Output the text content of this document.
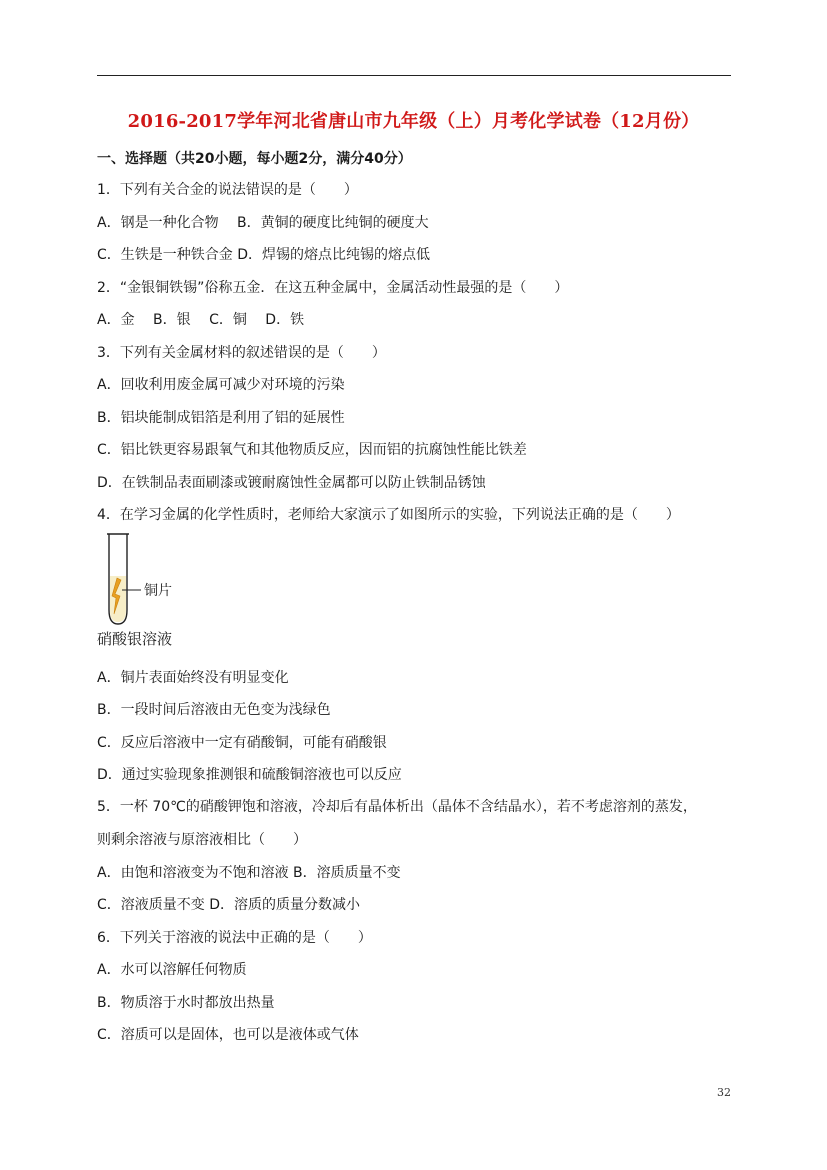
2016-2017学年河北省唐山市九年级（上）月考化学试卷（12月份）
一、选择题（共20小题，每小题2分，满分40分）
1．下列有关合金的说法错误的是（　　）
A．钢是一种化合物　 B．黄铜的硬度比纯铜的硬度大
C．生铁是一种铁合金 D．焊锡的熔点比纯锡的熔点低
2．“金银铜铁锡”俗称五金．在这五种金属中，金属活动性最强的是（　　）
A．金　 B．银　 C．铜　 D．铁
3．下列有关金属材料的叙述错误的是（　　）
A．回收利用废金属可减少对环境的污染
B．铝块能制成铝箔是利用了铝的延展性
C．铝比铁更容易跟氧气和其他物质反应，因而铝的抗腐蚀性能比铁差
D．在铁制品表面刷漆或镀耐腐蚀性金属都可以防止铁制品锈蚀
4．在学习金属的化学性质时，老师给大家演示了如图所示的实验，下列说法正确的是（　　）
铜片
硝酸银溶液
A．铜片表面始终没有明显变化
B．一段时间后溶液由无色变为浅绿色
C．反应后溶液中一定有硝酸铜，可能有硝酸银
D．通过实验现象推测银和硫酸铜溶液也可以反应
5．一杯 70℃的硝酸钾饱和溶液，冷却后有晶体析出（晶体不含结晶水），若不考虑溶剂的蒸发，
则剩余溶液与原溶液相比（　　）
A．由饱和溶液变为不饱和溶液 B．溶质质量不变
C．溶液质量不变 D．溶质的质量分数减小
6．下列关于溶液的说法中正确的是（　　）
A．水可以溶解任何物质
B．物质溶于水时都放出热量
C．溶质可以是固体，也可以是液体或气体
32
